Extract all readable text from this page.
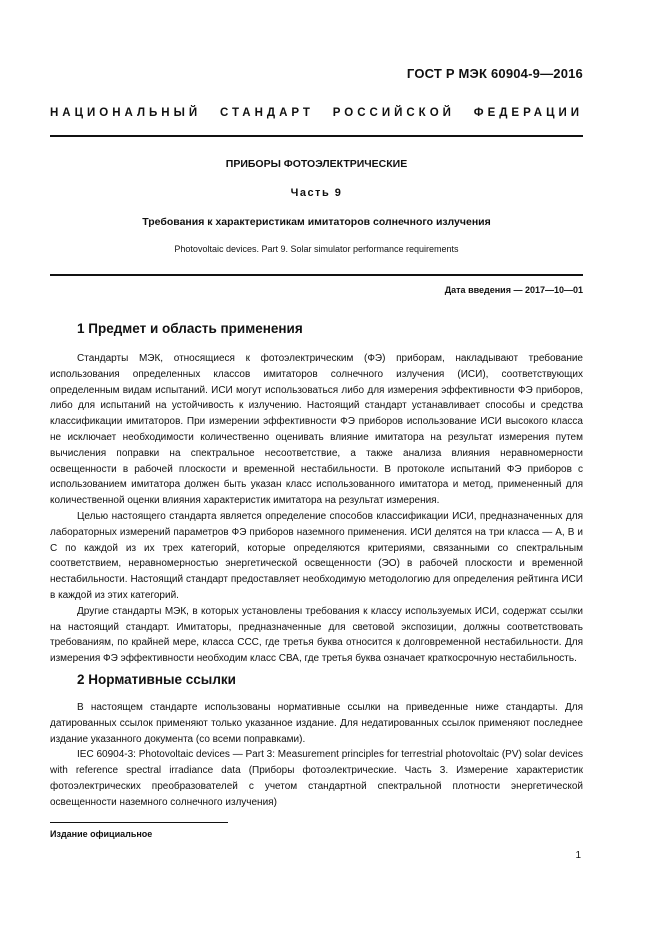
ГОСТ Р МЭК 60904-9—2016
НАЦИОНАЛЬНЫЙ СТАНДАРТ РОССИЙСКОЙ ФЕДЕРАЦИИ
ПРИБОРЫ ФОТОЭЛЕКТРИЧЕСКИЕ
Часть 9
Требования к характеристикам имитаторов солнечного излучения
Photovoltaic devices. Part 9. Solar simulator performance requirements
Дата введения — 2017—10—01
1 Предмет и область применения

Стандарты МЭК, относящиеся к фотоэлектрическим (ФЭ) приборам, накладывают требование использования определенных классов имитаторов солнечного излучения (ИСИ), соответствующих определенным видам испытаний. ИСИ могут использоваться либо для измерения эффективности ФЭ приборов, либо для испытаний на устойчивость к излучению. Настоящий стандарт устанавливает способы и средства классификации имитаторов. При измерении эффективности ФЭ приборов использование ИСИ высокого класса не исключает необходимости количественно оценивать влияние имитатора на результат измерения путем вычисления поправки на спектральное несоответствие, а также анализа влияния неравномерности освещенности в рабочей плоскости и временной нестабильности. В протоколе испытаний ФЭ приборов с использованием имитатора должен быть указан класс использованного имитатора и метод, примененный для количественной оценки влияния характеристик имитатора на результат измерения.

Целью настоящего стандарта является определение способов классификации ИСИ, предназначенных для лабораторных измерений параметров ФЭ приборов наземного применения. ИСИ делятся на три класса — А, В и С по каждой из их трех категорий, которые определяются критериями, связанными со спектральным соответствием, неравномерностью энергетической освещенности (ЭО) в рабочей плоскости и временной нестабильности. Настоящий стандарт предоставляет необходимую методологию для определения рейтинга ИСИ в каждой из этих категорий.

Другие стандарты МЭК, в которых установлены требования к классу используемых ИСИ, содержат ссылки на настоящий стандарт. Имитаторы, предназначенные для световой экспозиции, должны соответствовать требованиям, по крайней мере, класса ССС, где третья буква относится к долговременной нестабильности. Для измерения ФЭ эффективности необходим класс СВА, где третья буква означает краткосрочную нестабильность.

2 Нормативные ссылки

В настоящем стандарте использованы нормативные ссылки на приведенные ниже стандарты. Для датированных ссылок применяют только указанное издание. Для недатированных ссылок применяют последнее издание указанного документа (со всеми поправками).

IEC 60904-3: Photovoltaic devices — Part 3: Measurement principles for terrestrial photovoltaic (PV) solar devices with reference spectral irradiance data (Приборы фотоэлектрические. Часть 3. Измерение характеристик фотоэлектрических преобразователей с учетом стандартной спектральной плотности энергетической освещенности наземного солнечного излучения)

Издание официальное
1
